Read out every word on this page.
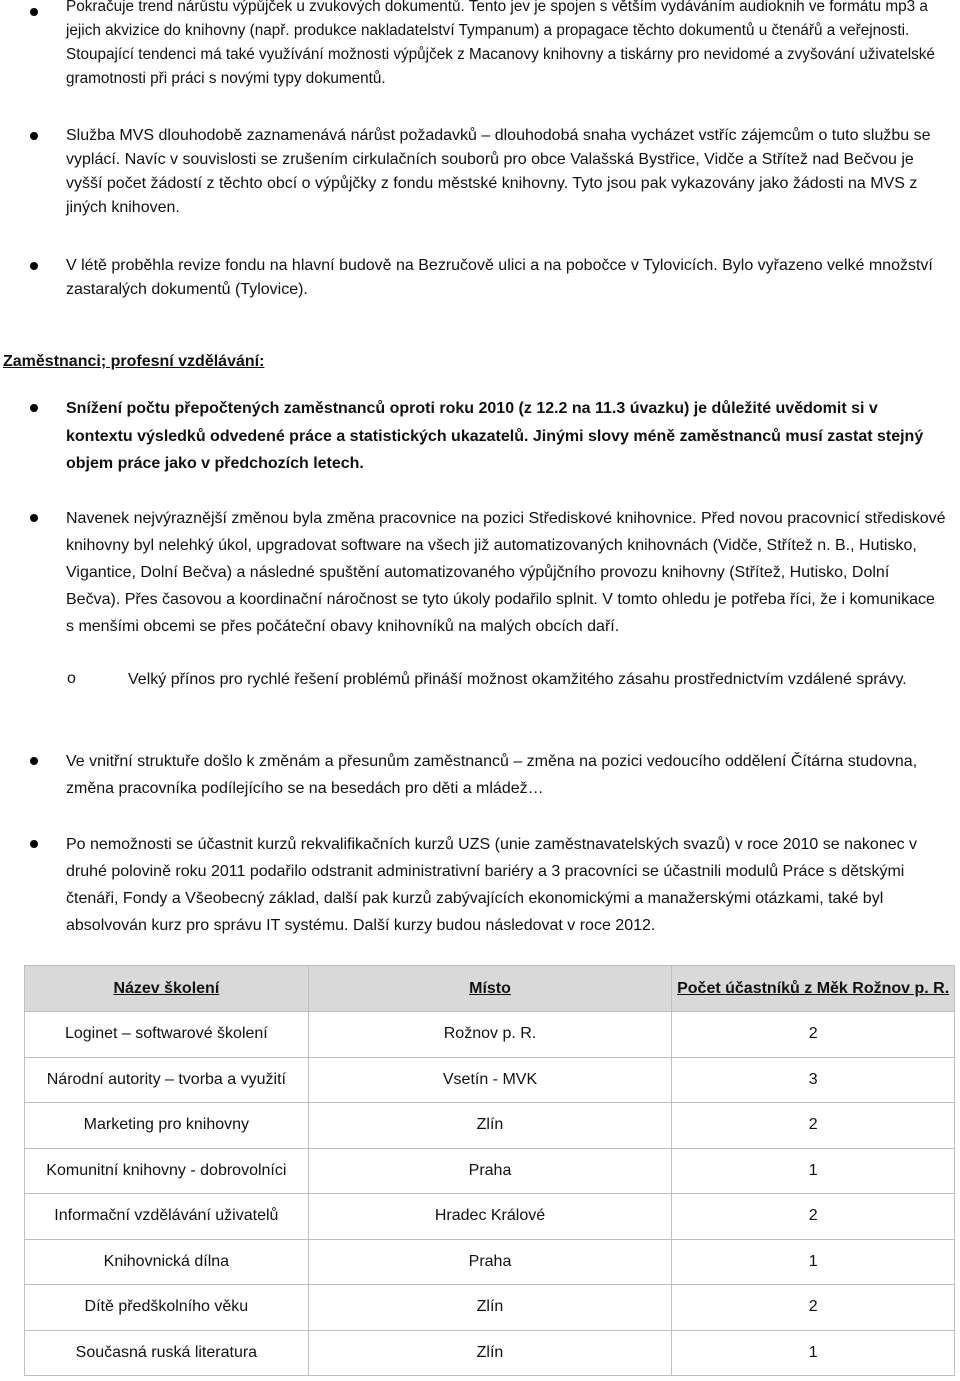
Pokračuje trend nárůstu výpůjček u zvukových dokumentů. Tento jev je spojen s větším vydáváním audioknih ve formátu mp3 a jejich akvizice do knihovny (např. produkce nakladatelství Tympanum) a propagace těchto dokumentů u čtenářů a veřejnosti. Stoupající tendenci má také využívání možnosti výpůjček z Macanovy knihovny a tiskárny pro nevidomé a zvyšování uživatelské gramotnosti při práci s novými typy dokumentů.

Služba MVS dlouhodobě zaznamenává nárůst požadavků – dlouhodobá snaha vycházet vstříc zájemcům o tuto službu se vyplácí. Navíc v souvislosti se zrušením cirkulačních souborů pro obce Valašská Bystřice, Vidče a Střítež nad Bečvou je vyšší počet žádostí z těchto obcí o výpůjčky z fondu městské knihovny. Tyto jsou pak vykazovány jako žádosti na MVS z jiných knihoven.

V létě proběhla revize fondu na hlavní budově na Bezručově ulici a na pobočce v Tylovicích. Bylo vyřazeno velké množství zastaralých dokumentů (Tylovice).

Zaměstnanci; profesní vzdělávání:

Snížení počtu přepočtených zaměstnanců oproti roku 2010 (z 12.2 na 11.3 úvazku) je důležité uvědomit si v kontextu výsledků odvedené práce a statistických ukazatelů. Jinými slovy méně zaměstnanců musí zastat stejný objem práce jako v předchozích letech.

Navenek nejvýraznější změnou byla změna pracovnice na pozici Střediskové knihovnice. Před novou pracovnicí střediskové knihovny byl nelehký úkol, upgradovat software na všech již automatizovaných knihovnách (Vidče, Střítež n. B., Hutisko, Vigantice, Dolní Bečva) a následné spuštění automatizovaného výpůjčního provozu knihovny (Střítež, Hutisko, Dolní Bečva). Přes časovou a koordinační náročnost se tyto úkoly podařilo splnit. V tomto ohledu je potřeba říci, že i komunikace s menšími obcemi se přes počáteční obavy knihovníků na malých obcích daří.

o	Velký přínos pro rychlé řešení problémů přináší možnost okamžitého zásahu prostřednictvím vzdálené správy.

Ve vnitřní struktuře došlo k změnám a přesunům zaměstnanců – změna na pozici vedoucího oddělení Čítárna studovna, změna pracovníka podílejícího se na besedách pro děti a mládež…

Po nemožnosti se účastnit kurzů rekvalifikačních kurzů UZS (unie zaměstnavatelských svazů) v roce 2010 se nakonec v druhé polovině roku 2011 podařilo odstranit administrativní bariéry a 3 pracovníci se účastnili modulů Práce s dětskými čtenáři, Fondy a Všeobecný základ, další pak kurzů zabývajících ekonomickými a manažerskými otázkami, také byl absolvován kurz pro správu IT systému. Další kurzy budou následovat v roce 2012.

Název školení	Místo	Počet účastníků z Měk Rožnov p. R.
Loginet – softwarové školení	Rožnov p. R.	2
Národní autority – tvorba a využití	Vsetín - MVK	3
Marketing pro knihovny	Zlín	2
Komunitní knihovny - dobrovolníci	Praha	1
Informační vzdělávání uživatelů	Hradec Králové	2
Knihovnická dílna	Praha	1
Dítě předškolního věku	Zlín	2
Současná ruská literatura	Zlín	1
